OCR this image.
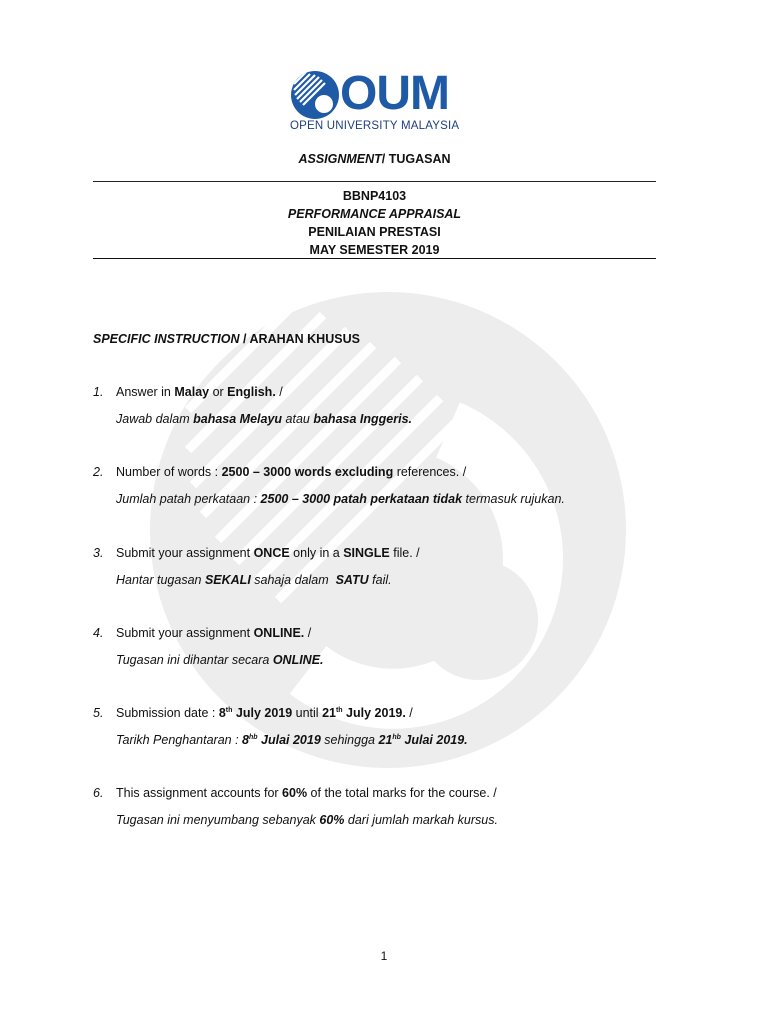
OUM
OPEN UNIVERSITY MALAYSIA
ASSIGNMENT/ TUGASAN
BBNP4103
PERFORMANCE APPRAISAL
PENILAIAN PRESTASI
MAY SEMESTER 2019
SPECIFIC INSTRUCTION / ARAHAN KHUSUS
1. Answer in Malay or English. /
Jawab dalam bahasa Melayu atau bahasa Inggeris.
2. Number of words : 2500 – 3000 words excluding references. /
Jumlah patah perkataan : 2500 – 3000 patah perkataan tidak termasuk rujukan.
3. Submit your assignment ONCE only in a SINGLE file. /
Hantar tugasan SEKALI sahaja dalam  SATU fail.
4. Submit your assignment ONLINE. /
Tugasan ini dihantar secara ONLINE.
5. Submission date : 8th July 2019 until 21th July 2019. /
Tarikh Penghantaran : $8^{hb}$ Julai 2019 sehingga $21^{hb}$ Julai 2019.
6. This assignment accounts for 60% of the total marks for the course. /
Tugasan ini menyumbang sebanyak 60% dari jumlah markah kursus.
1
